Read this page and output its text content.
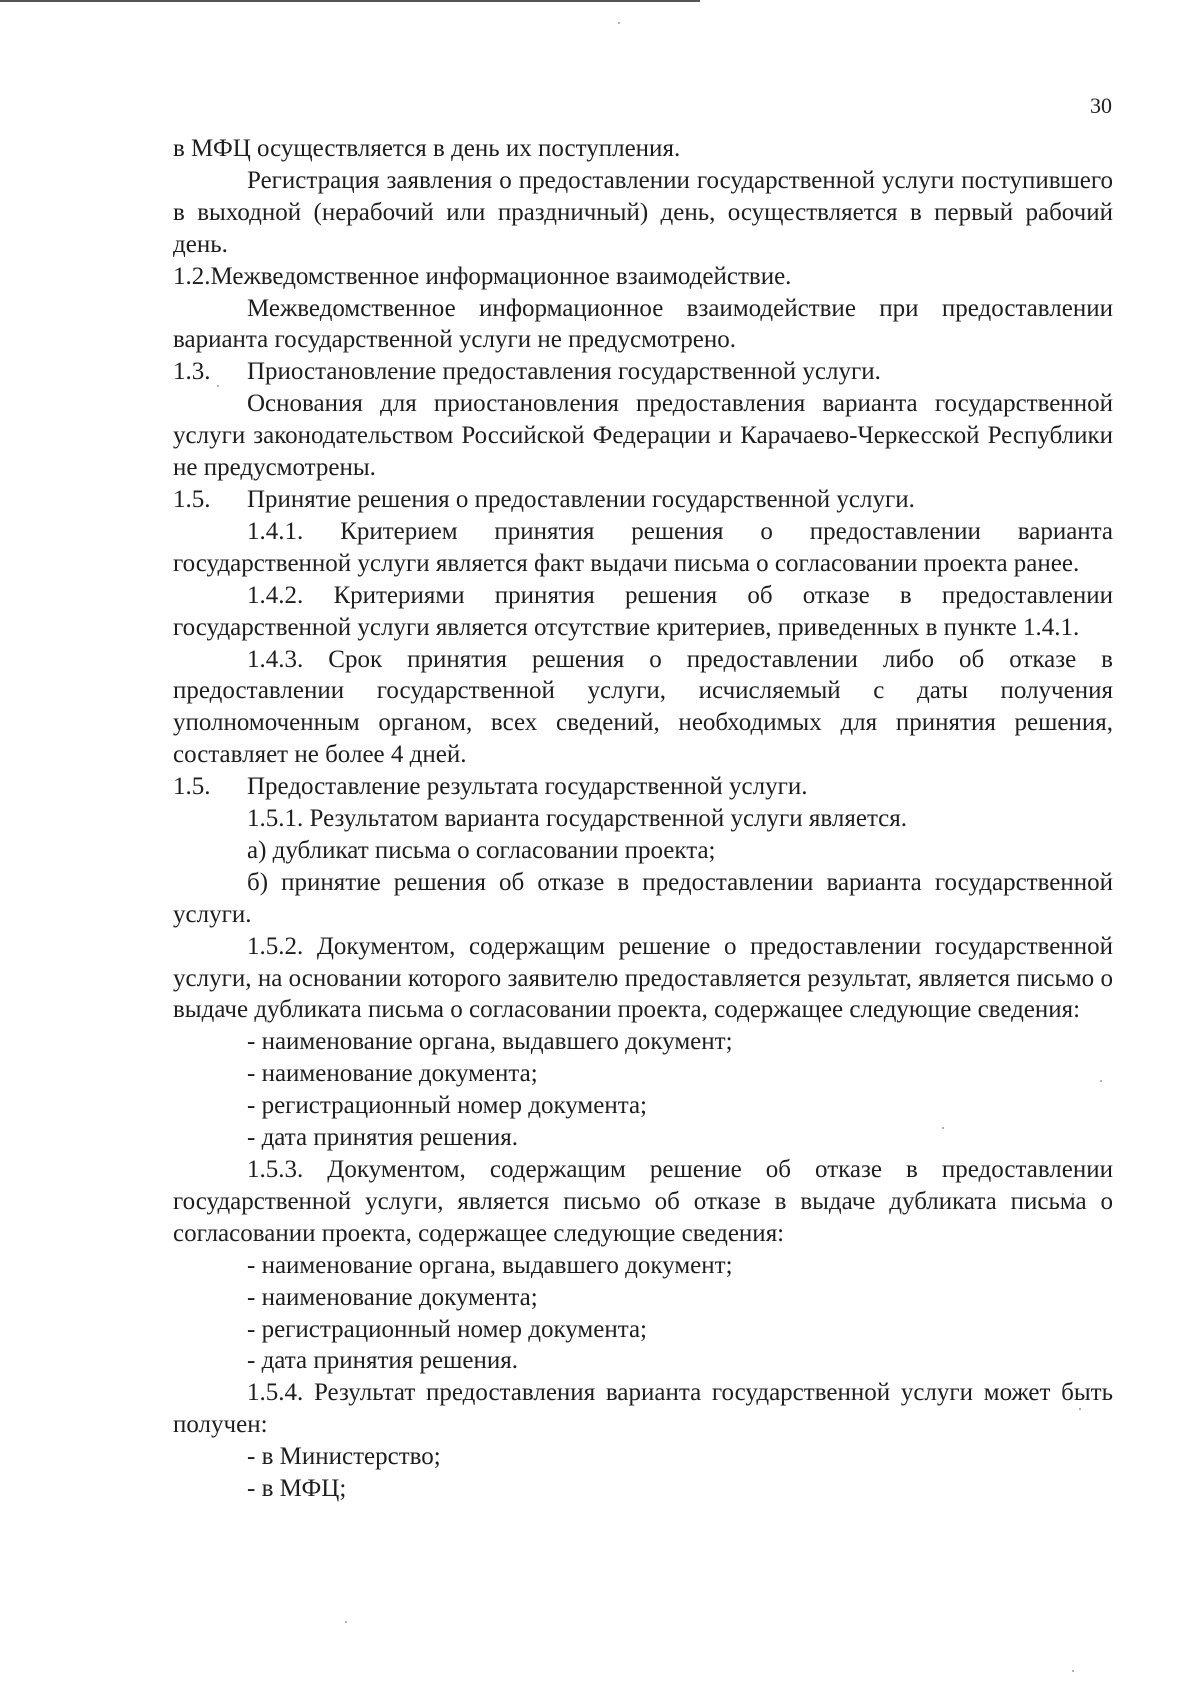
30

в МФЦ осуществляется в день их поступления.

Регистрация заявления о предоставлении государственной услуги поступившего в выходной (нерабочий или праздничный) день, осуществляется в первый рабочий день.

1.2.Межведомственное информационное взаимодействие.

Межведомственное информационное взаимодействие при предоставлении варианта государственной услуги не предусмотрено.

1.3. Приостановление предоставления государственной услуги.

Основания для приостановления предоставления варианта государственной услуги законодательством Российской Федерации и Карачаево-Черкесской Республики не предусмотрены.

1.5. Принятие решения о предоставлении государственной услуги.

1.4.1. Критерием принятия решения о предоставлении варианта государственной услуги является факт выдачи письма о согласовании проекта ранее.

1.4.2. Критериями принятия решения об отказе в предоставлении государственной услуги является отсутствие критериев, приведенных в пункте 1.4.1.

1.4.3. Срок принятия решения о предоставлении либо об отказе в предоставлении государственной услуги, исчисляемый с даты получения уполномоченным органом, всех сведений, необходимых для принятия решения, составляет не более 4 дней.

1.5. Предоставление результата государственной услуги.

1.5.1. Результатом варианта государственной услуги является.

а) дубликат письма о согласовании проекта;

б) принятие решения об отказе в предоставлении варианта государственной услуги.

1.5.2. Документом, содержащим решение о предоставлении государственной услуги, на основании которого заявителю предоставляется результат, является письмо о выдаче дубликата письма о согласовании проекта, содержащее следующие сведения:

- наименование органа, выдавшего документ;

- наименование документа;

- регистрационный номер документа;

- дата принятия решения.

1.5.3. Документом, содержащим решение об отказе в предоставлении государственной услуги, является письмо об отказе в выдаче дубликата письма о согласовании проекта, содержащее следующие сведения:

- наименование органа, выдавшего документ;

- наименование документа;

- регистрационный номер документа;

- дата принятия решения.

1.5.4. Результат предоставления варианта государственной услуги может быть получен:

- в Министерство;

- в МФЦ;
